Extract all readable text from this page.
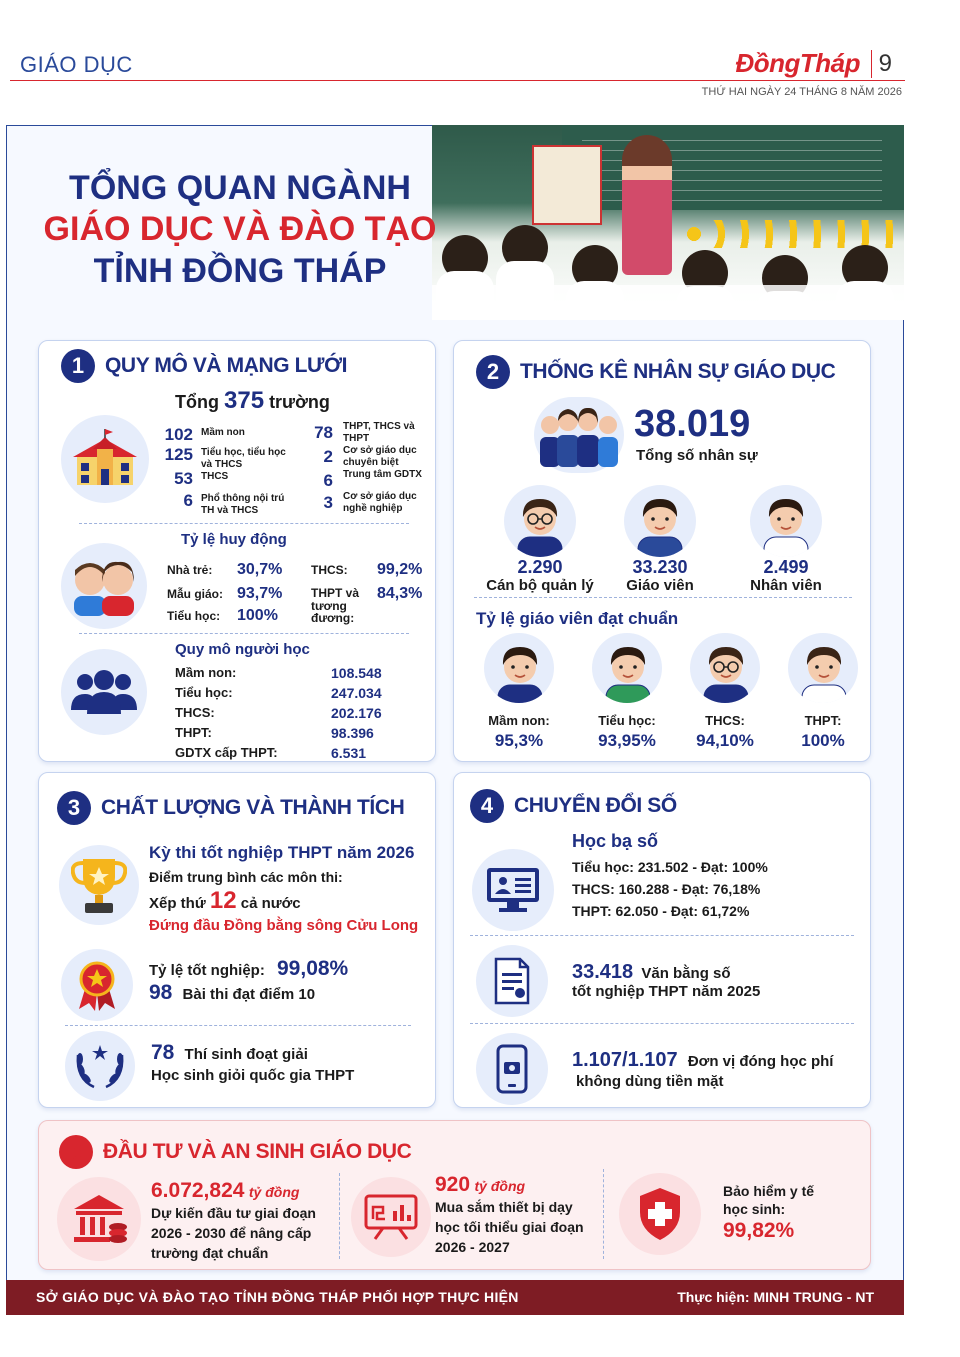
GIÁO DỤC	ĐồngTháp 9
THỨ HAI NGÀY 24 THÁNG 8 NĂM 2026
TỔNG QUAN NGÀNH
GIÁO DỤC VÀ ĐÀO TẠO
TỈNH ĐỒNG THÁP
1 QUY MÔ VÀ MẠNG LƯỚI
Tổng 375 trường
Tỷ lệ huy động
Quy mô người học
102 Mầm non
125 Tiểu học, tiểu học và THCS
53 THCS
6 Phổ thông nội trú TH và THCS
78 THPT, THCS và THPT
2 Cơ sở giáo dục chuyên biệt
6 Trung tâm GDTX
3 Cơ sở giáo dục nghề nghiệp
Nhà trẻ: 30,7%
Mẫu giáo: 93,7%
Tiểu học: 100%
THCS: 99,2%
THPT và tương đương:
84,3%
Mầm non:	108.548
Tiểu học:	247.034
THCS:	202.176
THPT:	98.396
GDTX cấp THPT:	6.531
2 THỐNG KÊ NHÂN SỰ GIÁO DỤC
38.019
Tổng số nhân sự
Tỷ lệ giáo viên đạt chuẩn
2.290
Cán bộ quản lý
33.230
Giáo viên
2.499
Nhân viên
Mầm non:
95,3%
Tiểu học:
93,95%
THCS:
94,10%
THPT:
100%
3 CHẤT LƯỢNG VÀ THÀNH TÍCH
Kỳ thi tốt nghiệp THPT năm 2026
Điểm trung bình các môn thi:
Xếp thứ 12 cả nước
Đứng đầu Đồng bằng sông Cửu Long
Tỷ lệ tốt nghiệp: 99,08%
98 Bài thi đạt điểm 10
78 Thí sinh đoạt giải
Học sinh giỏi quốc gia THPT
4 CHUYỂN ĐỔI SỐ
Học bạ số
33.418 Văn bằng số
tốt nghiệp THPT năm 2025
1.107/1.107 Đơn vị đóng học phí
không dùng tiền mặt
Tiểu học: 231.502 - Đạt: 100%
THCS: 160.288 - Đạt: 76,18%
THPT: 62.050 - Đạt: 61,72%
5 ĐẦU TƯ VÀ AN SINH GIÁO DỤC
6.072,824 tỷ đồng
Dự kiến đầu tư giai đoạn
2026 - 2030 để nâng cấp
trường đạt chuẩn
920 tỷ đồng
Mua sắm thiết bị dạy
học tối thiểu giai đoạn
2026 - 2027
Bảo hiểm y tế
học sinh:
99,82%
SỞ GIÁO DỤC VÀ ĐÀO TẠO TỈNH ĐỒNG THÁP PHỐI HỢP THỰC HIỆN	Thực hiện: MINH TRUNG - NT
